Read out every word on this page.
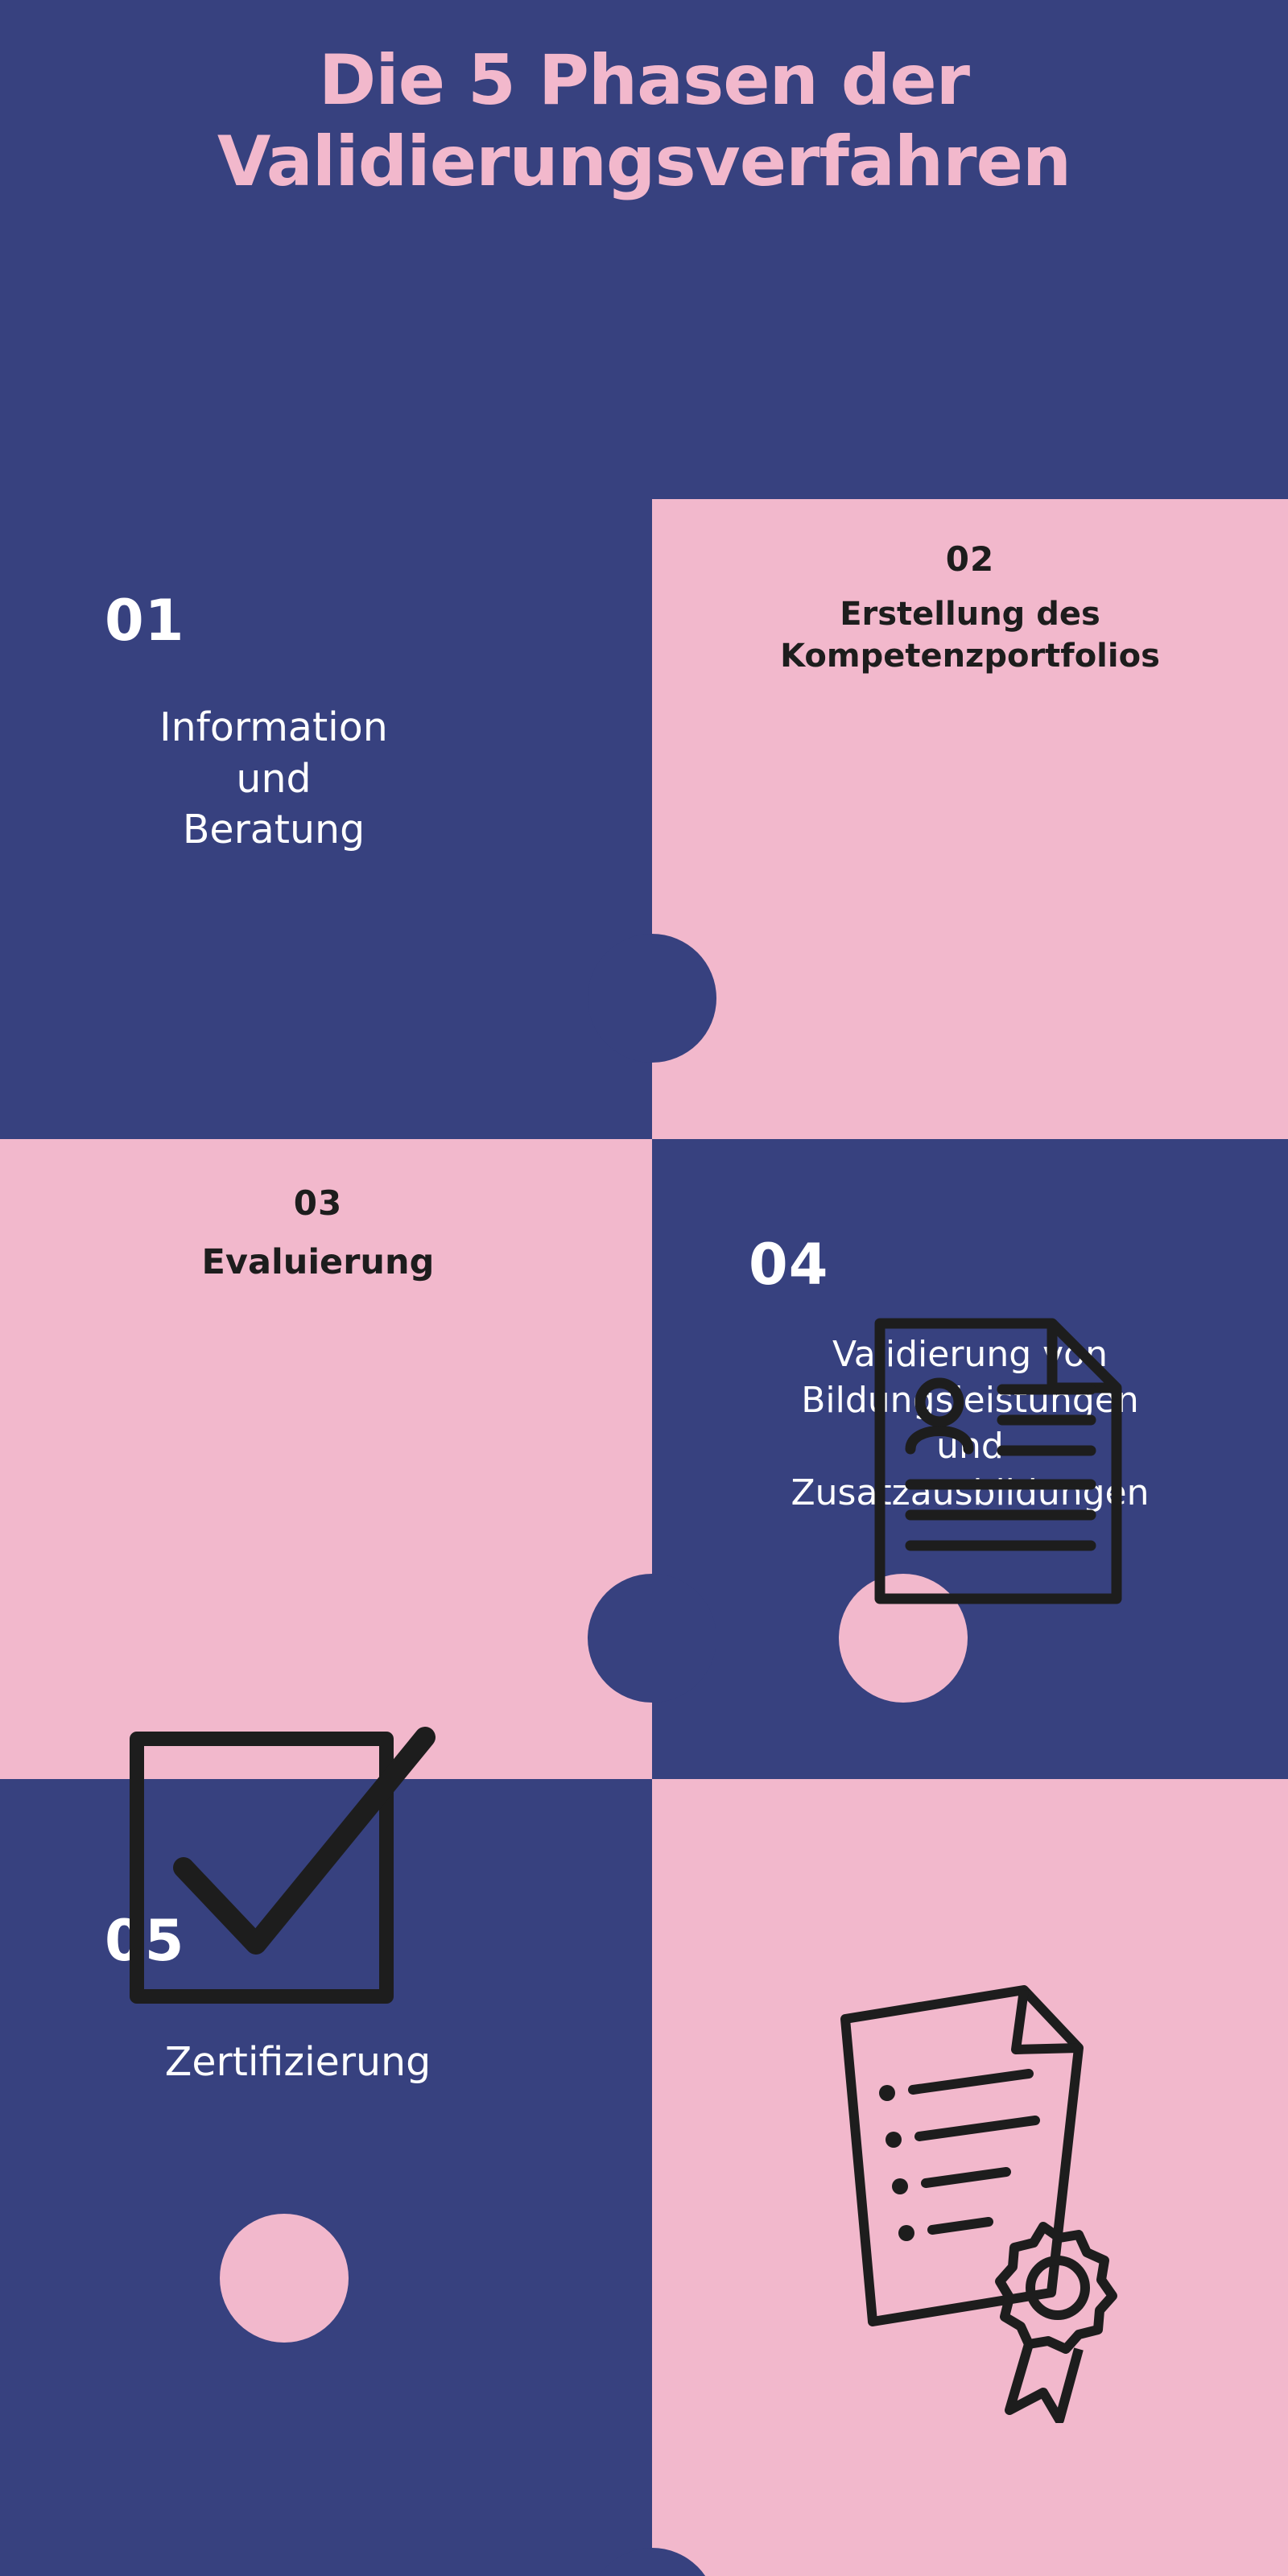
Die 5 Phasen der
Validierungsverfahren
01
Information
und
Beratung
02
Erstellung des
Kompetenzportfolios
03
Evaluierung	04
Validierung von
Bildungsleistungen
und
Zusatzausbildungen
05
Zertifizierung
